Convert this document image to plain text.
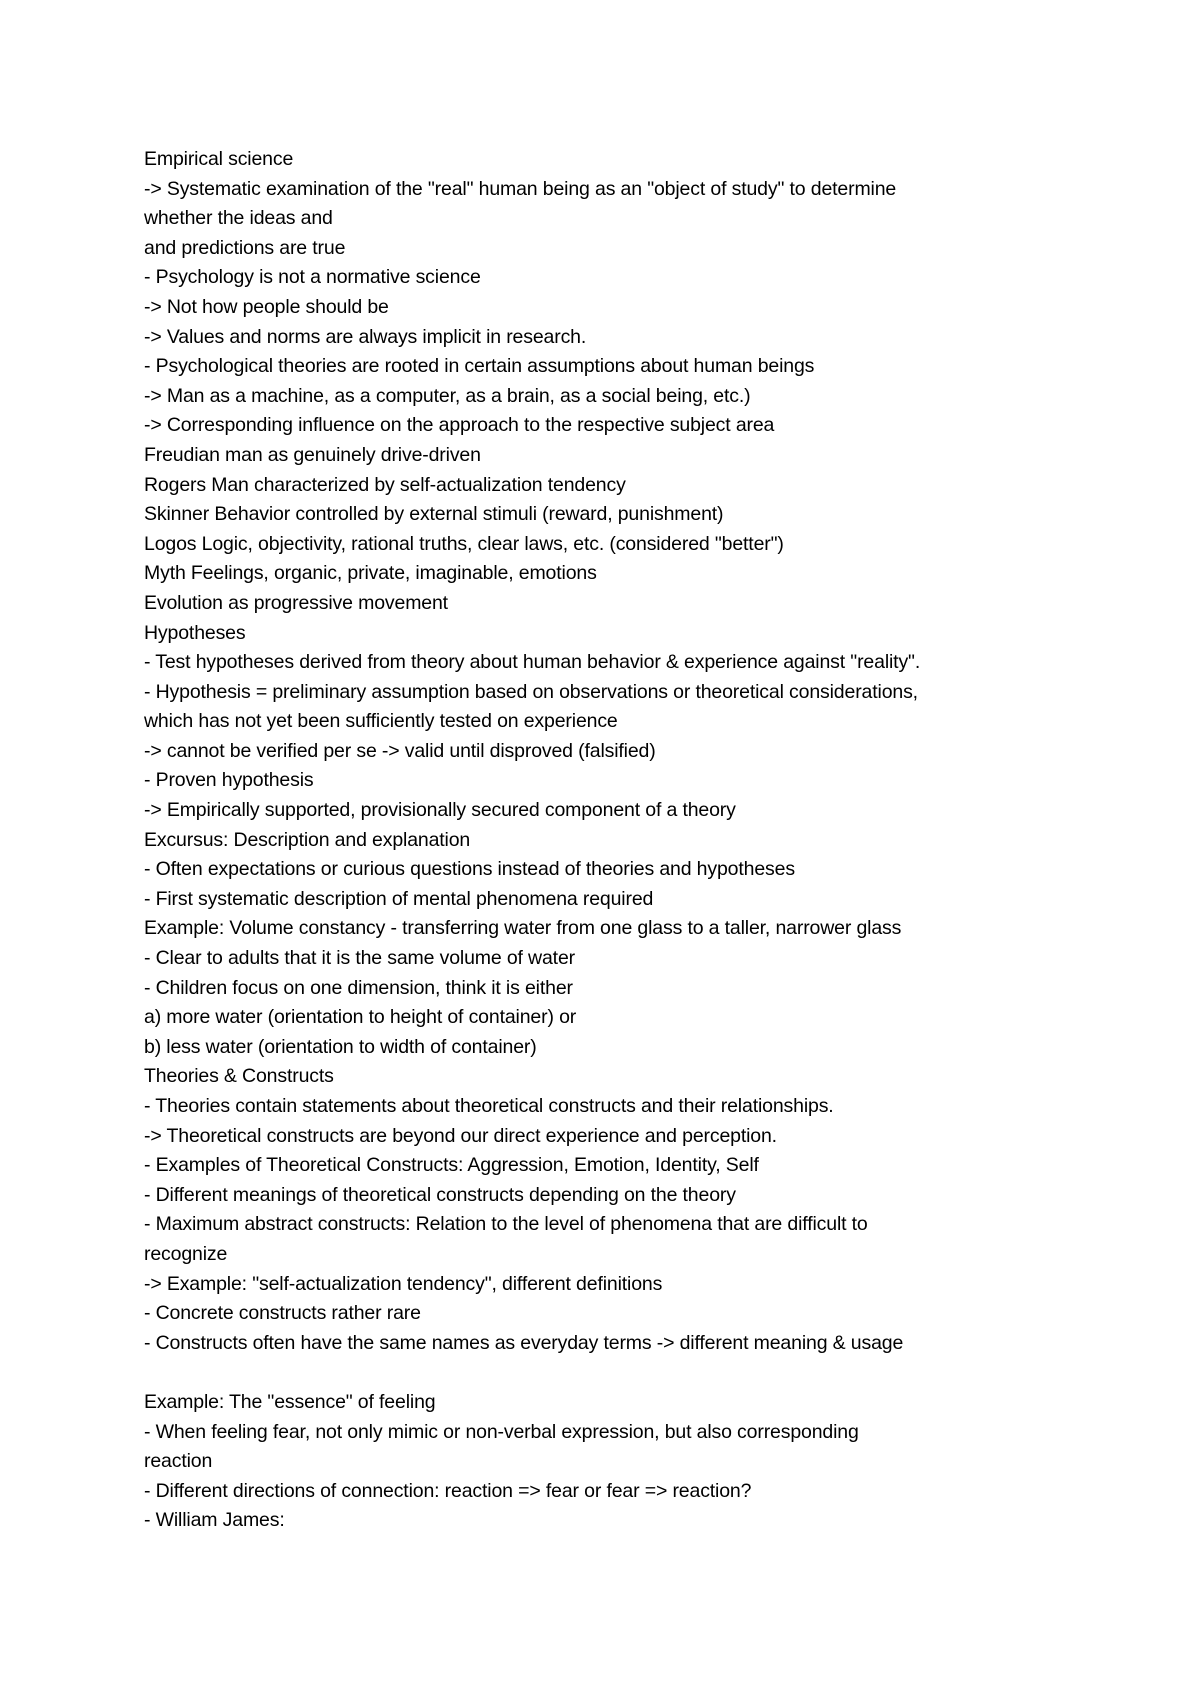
Empirical science
-> Systematic examination of the "real" human being as an "object of study" to determine
whether the ideas and
and predictions are true
- Psychology is not a normative science
-> Not how people should be
-> Values and norms are always implicit in research.
- Psychological theories are rooted in certain assumptions about human beings
-> Man as a machine, as a computer, as a brain, as a social being, etc.)
-> Corresponding influence on the approach to the respective subject area
Freudian man as genuinely drive-driven
Rogers Man characterized by self-actualization tendency
Skinner Behavior controlled by external stimuli (reward, punishment)
Logos Logic, objectivity, rational truths, clear laws, etc. (considered "better")
Myth Feelings, organic, private, imaginable, emotions
Evolution as progressive movement
Hypotheses
- Test hypotheses derived from theory about human behavior & experience against "reality".
- Hypothesis = preliminary assumption based on observations or theoretical considerations,
which has not yet been sufficiently tested on experience
-> cannot be verified per se -> valid until disproved (falsified)
- Proven hypothesis
-> Empirically supported, provisionally secured component of a theory
Excursus: Description and explanation
- Often expectations or curious questions instead of theories and hypotheses
- First systematic description of mental phenomena required
Example: Volume constancy - transferring water from one glass to a taller, narrower glass
- Clear to adults that it is the same volume of water
- Children focus on one dimension, think it is either
a) more water (orientation to height of container) or
b) less water (orientation to width of container)
Theories & Constructs
- Theories contain statements about theoretical constructs and their relationships.
-> Theoretical constructs are beyond our direct experience and perception.
- Examples of Theoretical Constructs: Aggression, Emotion, Identity, Self
- Different meanings of theoretical constructs depending on the theory
- Maximum abstract constructs: Relation to the level of phenomena that are difficult to
recognize
-> Example: "self-actualization tendency", different definitions
- Concrete constructs rather rare
- Constructs often have the same names as everyday terms -> different meaning & usage
Example: The "essence" of feeling
- When feeling fear, not only mimic or non-verbal expression, but also corresponding
reaction
- Different directions of connection: reaction => fear or fear => reaction?
- William James:
